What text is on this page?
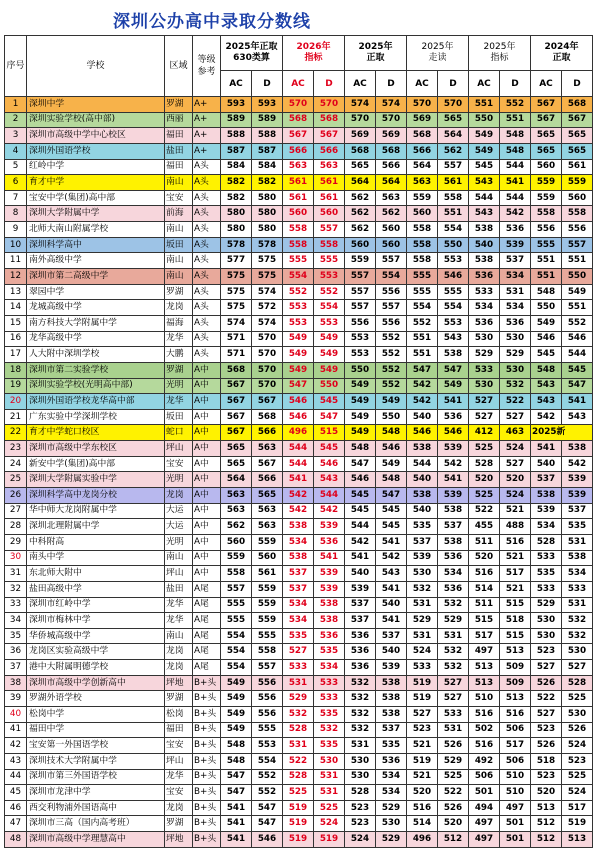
深圳公办高中录取分数线
序号	学校	区域	等级参考	2025年正取630类算		2026年指标		2025年正取		2025年走读		2025年指标		2024年正取	
				AC	D	AC	D	AC	D	AC	D	AC	D	AC	D
1	深圳中学	罗湖	A+	593	593	570	570	574	574	570	570	551	552	567	568
2	深圳实验学校(高中部)	西丽	A+	589	589	568	568	570	570	569	565	550	551	567	567
3	深圳市高级中学中心校区	福田	A+	588	588	567	567	569	569	568	564	549	548	565	565
4	深圳外国语学校	盐田	A+	587	587	566	566	568	568	566	562	549	548	565	565
5	红岭中学	福田	A头	584	584	563	563	565	566	564	557	545	544	560	561
6	育才中学	南山	A头	582	582	561	561	564	564	563	561	543	541	559	559
7	宝安中学(集团)高中部	宝安	A头	582	580	561	561	562	563	559	558	544	544	559	560
8	深圳大学附属中学	前海	A头	580	580	560	560	562	562	560	551	543	542	558	558
9	北师大南山附属学校	南山	A头	580	580	558	557	562	560	558	554	538	536	556	556
10	深圳科学高中	坂田	A头	578	578	558	558	560	560	558	550	540	539	555	557
11	南外高级中学	南山	A头	577	575	555	555	559	557	558	553	538	537	551	551
12	深圳市第二高级中学	南山	A头	575	575	554	553	557	554	555	546	536	534	551	550
13	翠园中学	罗湖	A头	575	574	552	552	557	556	555	555	533	531	548	549
14	龙城高级中学	龙岗	A头	575	572	553	554	557	557	554	554	534	534	550	551
15	南方科技大学附属中学	福海	A头	574	574	553	553	556	556	552	553	536	536	549	552
16	龙华高级中学	龙华	A头	571	570	549	549	553	552	551	543	530	530	546	546
17	人大附中深圳学校	大鹏	A头	571	570	549	549	553	552	551	538	529	529	545	544
18	深圳市第二实验学校	罗湖	A中	568	570	549	549	550	552	547	547	533	530	548	545
19	深圳实验学校(光明高中部)	光明	A中	567	570	547	550	549	552	542	549	530	532	543	547
20	深圳外国语学校龙华高中部	龙华	A中	567	567	546	545	549	549	542	541	527	522	543	541
21	广东实验中学深圳学校	坂田	A中	567	568	546	547	549	550	540	536	527	527	542	543
22	育才中学蛇口校区	蛇口	A中	567	566	496	515	549	548	546	546	412	463	2025新	
23	深圳市高级中学东校区	坪山	A中	565	563	544	545	548	546	538	539	525	524	541	538
24	新安中学(集团)高中部	宝安	A中	565	567	544	546	547	549	544	542	528	527	540	542
25	深圳大学附属实验中学	光明	A中	564	566	541	543	546	548	540	541	520	520	537	539
26	深圳科学高中龙岗分校	龙岗	A中	563	565	542	544	545	547	538	539	525	524	538	539
27	华中师大龙岗附属中学	大运	A中	563	563	542	542	545	545	540	538	522	521	539	537
28	深圳北理附属中学	大运	A中	562	563	538	539	544	545	535	537	455	488	534	535
29	中科附高	光明	A中	560	559	534	536	542	541	537	538	511	516	528	531
30	南头中学	南山	A中	559	560	538	541	541	542	539	536	520	521	533	538
31	东北师大附中	坪山	A中	558	561	537	539	540	543	530	534	516	517	535	534
32	盐田高级中学	盐田	A尾	557	559	537	539	539	541	532	536	514	521	533	533
33	深圳市红岭中学	龙华	A尾	555	559	534	538	537	540	531	532	511	515	529	531
34	深圳市梅林中学	龙华	A尾	555	559	534	538	537	541	529	529	515	518	530	532
35	华侨城高级中学	南山	A尾	554	555	535	536	536	537	531	531	517	515	530	532
36	龙岗区实验高级中学	龙岗	A尾	554	558	527	535	536	540	524	532	497	513	523	530
37	港中大附属明德学校	龙岗	A尾	554	557	533	534	536	539	533	532	513	509	527	527
38	深圳市高级中学创新高中	坪地	B+头	549	556	531	533	532	538	519	527	513	509	526	528
39	罗湖外语学校	罗湖	B+头	549	556	529	533	532	538	519	527	510	513	522	525
40	松岗中学	松岗	B+头	549	556	532	535	532	538	527	533	516	516	527	530
41	福田中学	福田	B+头	549	555	528	532	532	537	523	531	502	506	523	526
42	宝安第一外国语学校	宝安	B+头	548	553	531	535	531	535	521	526	516	517	526	524
43	深圳技术大学附属中学	坪山	B+头	548	554	522	530	530	536	519	529	492	506	518	523
44	深圳市第三外国语学校	龙华	B+头	547	552	528	531	530	534	521	525	506	510	523	525
45	深圳市龙津中学	宝安	B+头	547	552	525	531	528	534	520	522	501	510	520	524
46	西交利物浦外国语高中	龙岗	B+头	541	547	519	525	523	529	516	526	494	497	513	517
47	深圳市三高（国内高考班）	罗湖	B+头	541	547	519	524	523	530	514	520	497	501	512	519
48	深圳市高级中学理慧高中	坪地	B+头	541	546	519	519	524	529	496	512	497	501	512	513
